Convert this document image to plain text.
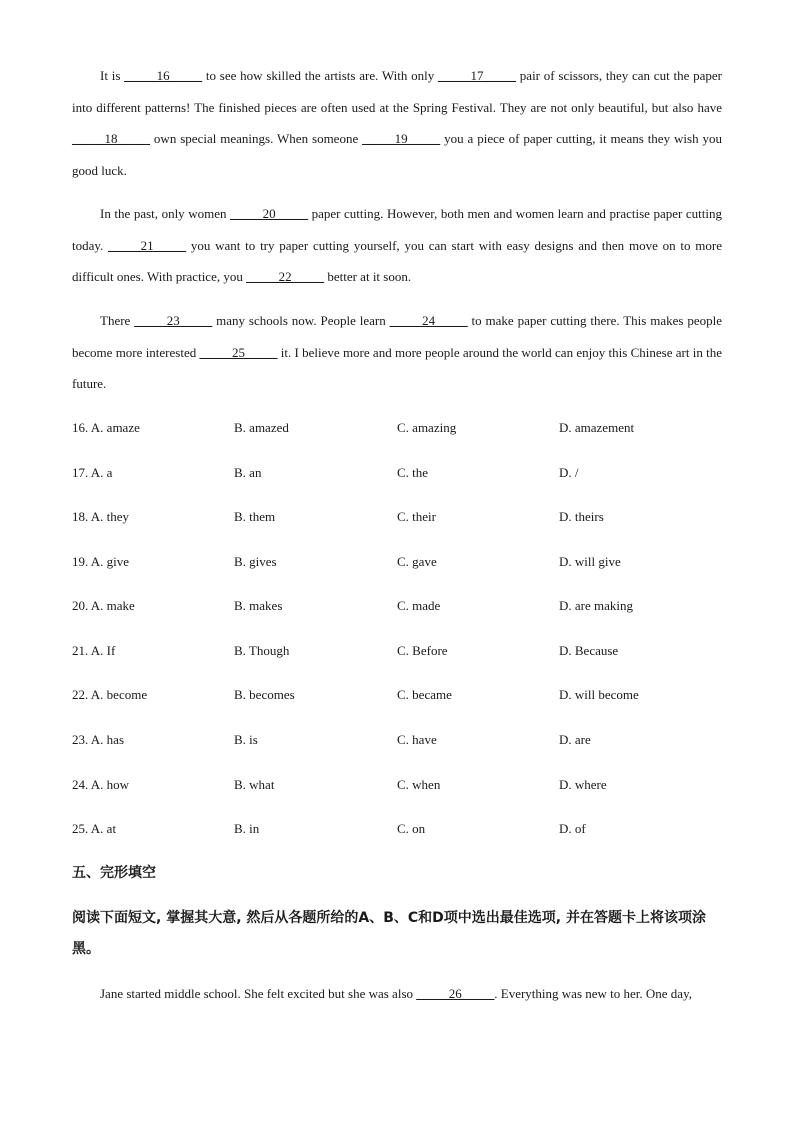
It is _____16_____ to see how skilled the artists are. With only _____17_____ pair of scissors, they can cut the paper into different patterns! The finished pieces are often used at the Spring Festival. They are not only beautiful, but also have _____18_____ own special meanings. When someone _____19_____ you a piece of paper cutting, it means they wish you good luck.

In the past, only women _____20_____ paper cutting. However, both men and women learn and practise paper cutting today. _____21_____ you want to try paper cutting yourself, you can start with easy designs and then move on to more difficult ones. With practice, you _____22_____ better at it soon.

There _____23_____ many schools now. People learn _____24_____ to make paper cutting there. This makes people become more interested _____25_____ it. I believe more and more people around the world can enjoy this Chinese art in the future.

16. A. amaze	B. amazed	C. amazing	D. amazement
17. A. a	B. an	C. the	D. /
18. A. they	B. them	C. their	D. theirs
19. A. give	B. gives	C. gave	D. will give
20. A. make	B. makes	C. made	D. are making
21. A. If	B. Though	C. Before	D. Because
22. A. become	B. becomes	C. became	D. will become
23. A. has	B. is	C. have	D. are
24. A. how	B. what	C. when	D. where
25. A. at	B. in	C. on	D. of

五、完形填空

阅读下面短文, 掌握其大意, 然后从各题所给的A、B、C和D项中选出最佳选项, 并在答题卡上将该项涂黑。

Jane started middle school. She felt excited but she was also _____26_____. Everything was new to her. One day,
